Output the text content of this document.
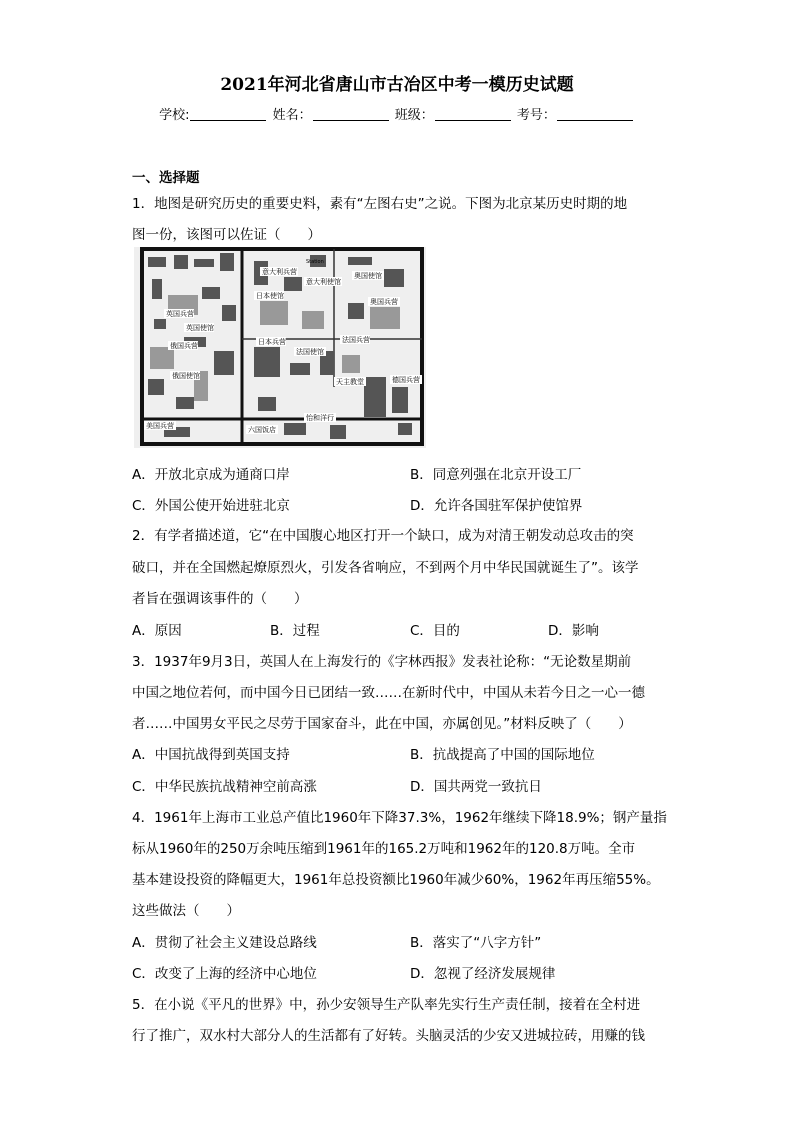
2021年河北省唐山市古冶区中考一模历史试题
学校:	姓名：	班级：	考号：
一、选择题
1．地图是研究历史的重要史料，素有“左图右史”之说。下图为北京某历史时期的地
图一份，该图可以佐证（　　）
意大利兵营
意大利使馆
奥国使馆
日本使馆
奥国兵营
英国兵营
英国使馆
法国兵营
俄国兵营	日本兵营
法国使馆
俄国使馆
天主教堂	德国兵营
美国兵营	六国饭店
怡和洋行
Station
A．开放北京成为通商口岸	B．同意列强在北京开设工厂
C．外国公使开始进驻北京	D．允许各国驻军保护使馆界
2．有学者描述道，它“在中国腹心地区打开一个缺口，成为对清王朝发动总攻击的突
破口，并在全国燃起燎原烈火，引发各省响应，不到两个月中华民国就诞生了”。该学
者旨在强调该事件的（　　）
A．原因	B．过程	C．目的	D．影响
3．1937年9月3日，英国人在上海发行的《字林西报》发表社论称：“无论数星期前
中国之地位若何，而中国今日已团结一致……在新时代中，中国从未若今日之一心一德
者……中国男女平民之尽劳于国家奋斗，此在中国，亦属创见。”材料反映了（　　）
A．中国抗战得到英国支持	B．抗战提高了中国的国际地位
C．中华民族抗战精神空前高涨	D．国共两党一致抗日
4．1961年上海市工业总产值比1960年下降37.3%，1962年继续下降18.9%；钢产量指
标从1960年的250万余吨压缩到1961年的165.2万吨和1962年的120.8万吨。全市
基本建设投资的降幅更大，1961年总投资额比1960年减少60%，1962年再压缩55%。
这些做法（　　）
A．贯彻了社会主义建设总路线	B．落实了“八字方针”
C．改变了上海的经济中心地位	D．忽视了经济发展规律
5．在小说《平凡的世界》中，孙少安领导生产队率先实行生产责任制，接着在全村进
行了推广，双水村大部分人的生活都有了好转。头脑灵活的少安又进城拉砖，用赚的钱
